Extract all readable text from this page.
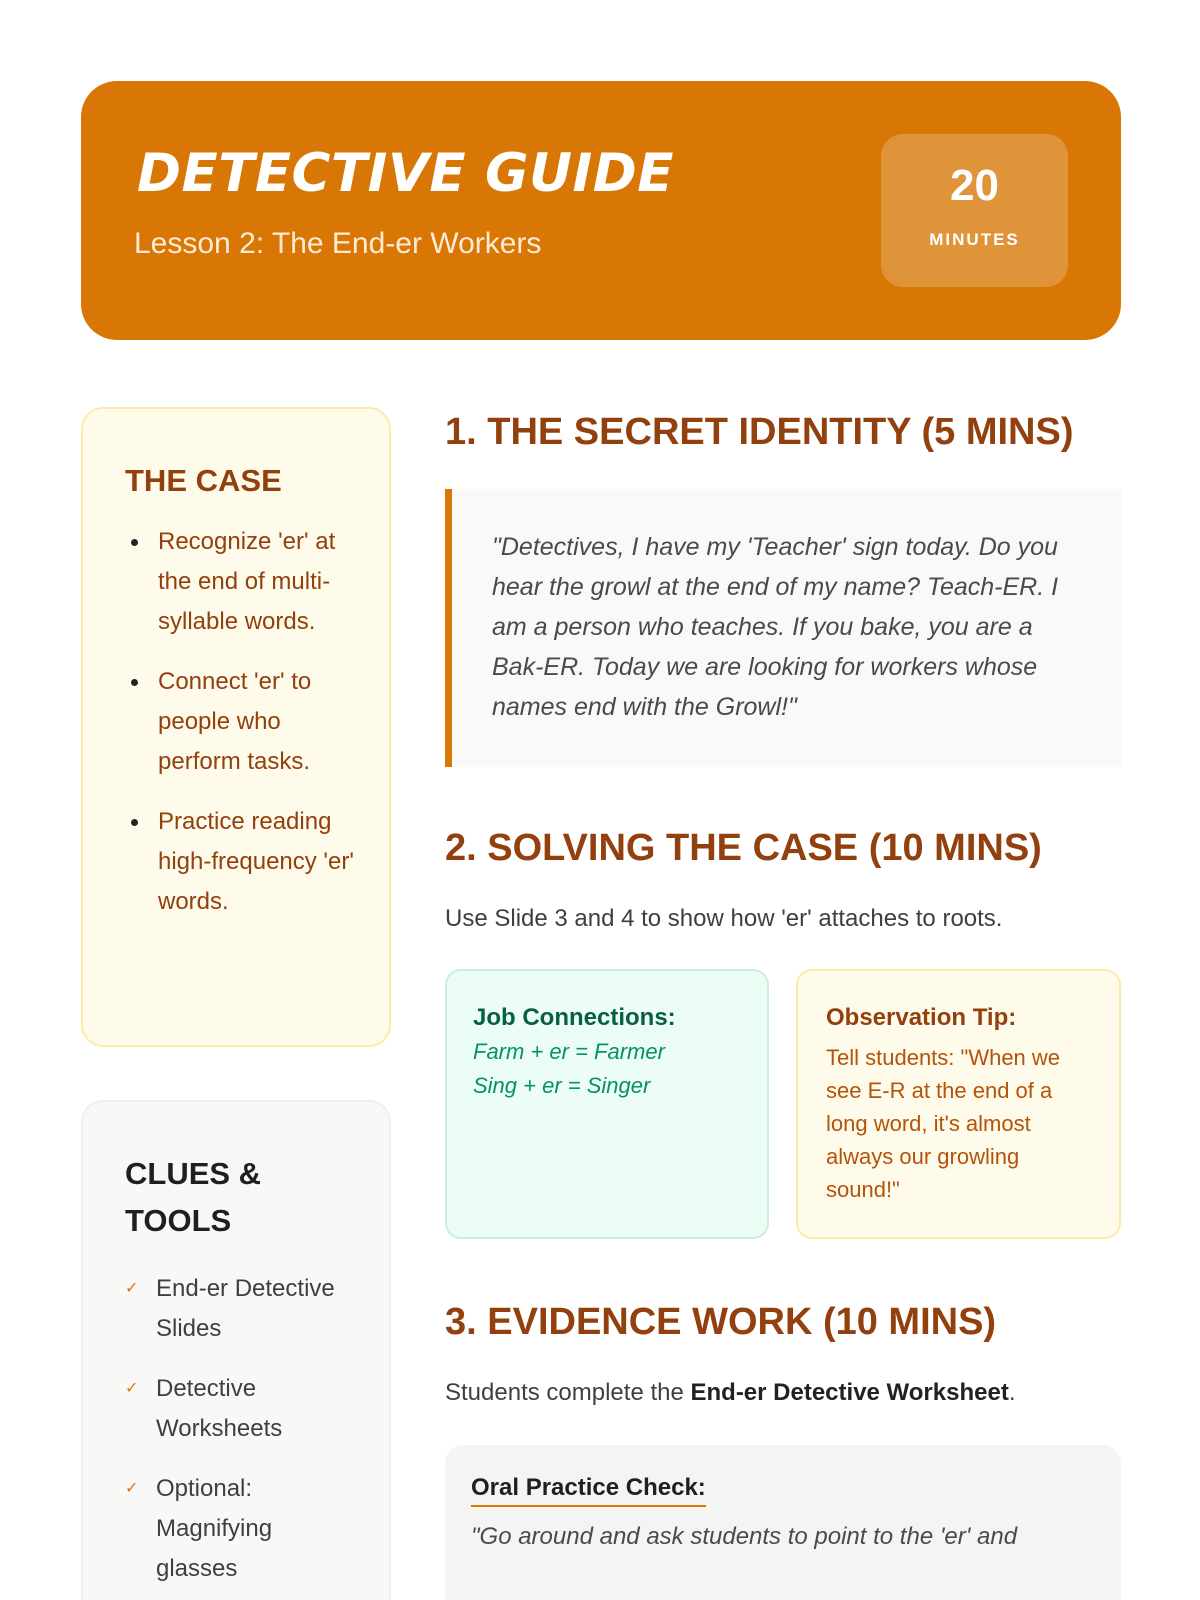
DETECTIVE GUIDE
Lesson 2: The End-er Workers
20
MINUTES
THE CASE
Recognize 'er' at the end of multi-syllable words.
Connect 'er' to people who perform tasks.
Practice reading high-frequency 'er' words.
CLUES & TOOLS
✓ End-er Detective Slides
✓ Detective Worksheets
✓ Optional: Magnifying glasses
1. THE SECRET IDENTITY (5 MINS)
"Detectives, I have my 'Teacher' sign today. Do you hear the growl at the end of my name? Teach-ER. I am a person who teaches. If you bake, you are a Bak-ER. Today we are looking for workers whose names end with the Growl!"
2. SOLVING THE CASE (10 MINS)
Use Slide 3 and 4 to show how 'er' attaches to roots.
Job Connections:
Farm + er = Farmer
Sing + er = Singer
Observation Tip:
Tell students: "When we see E-R at the end of a long word, it's almost always our growling sound!"
3. EVIDENCE WORK (10 MINS)
Students complete the End-er Detective Worksheet.
Oral Practice Check:
"Go around and ask students to point to the 'er' and
